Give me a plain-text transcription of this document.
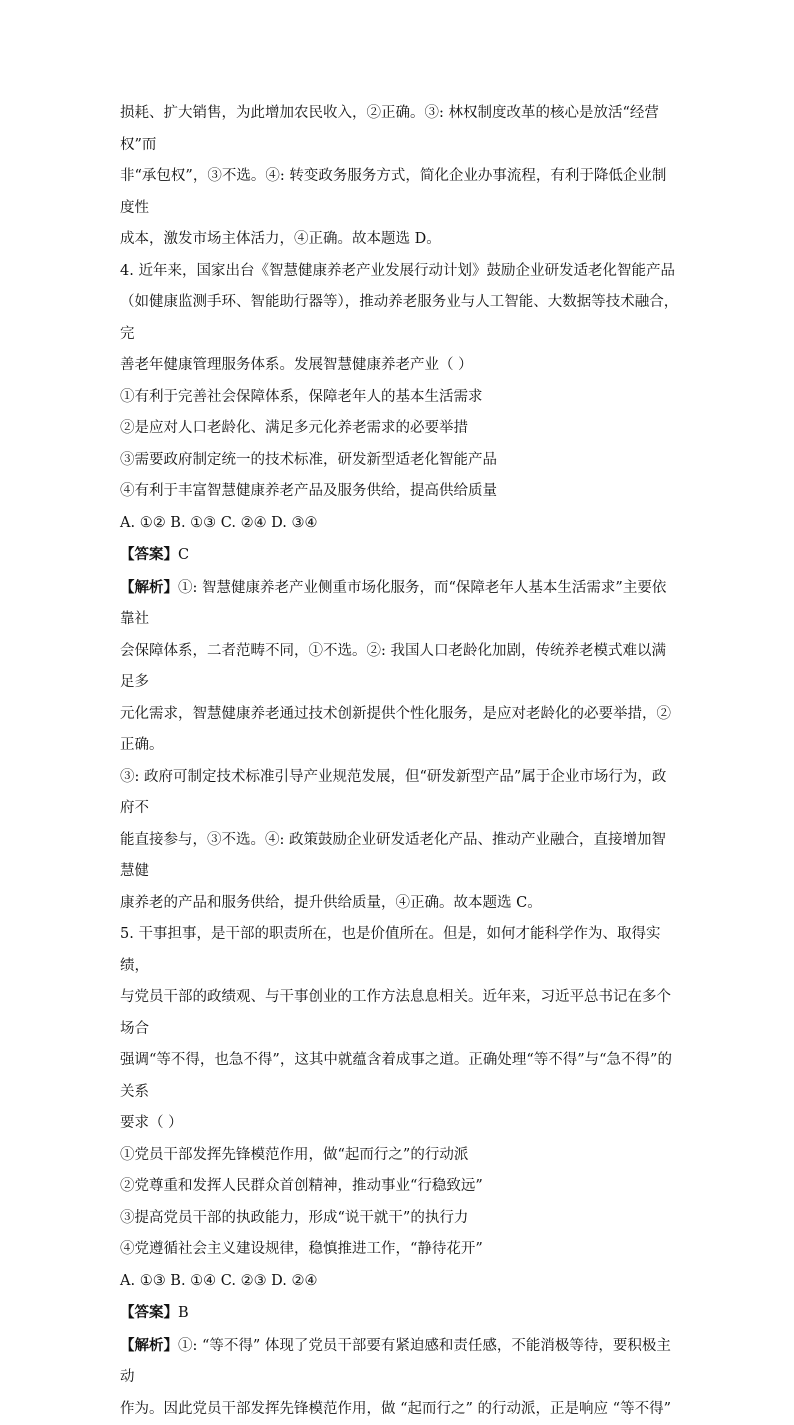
损耗、扩大销售，为此增加农民收入，②正确。③: 林权制度改革的核心是放活“经营权”而

非“承包权”，③不选。④: 转变政务服务方式，简化企业办事流程，有利于降低企业制度性

成本，激发市场主体活力，④正确。故本题选 D。

4. 近年来，国家出台《智慧健康养老产业发展行动计划》鼓励企业研发适老化智能产品

（如健康监测手环、智能助行器等），推动养老服务业与人工智能、大数据等技术融合，完

善老年健康管理服务体系。发展智慧健康养老产业（ ）

①有利于完善社会保障体系，保障老年人的基本生活需求

②是应对人口老龄化、满足多元化养老需求的必要举措

③需要政府制定统一的技术标准，研发新型适老化智能产品

④有利于丰富智慧健康养老产品及服务供给，提高供给质量

A. ①② B. ①③ C. ②④ D. ③④

【答案】C

【解析】①: 智慧健康养老产业侧重市场化服务，而“保障老年人基本生活需求”主要依靠社

会保障体系，二者范畴不同，①不选。②: 我国人口老龄化加剧，传统养老模式难以满足多

元化需求，智慧健康养老通过技术创新提供个性化服务，是应对老龄化的必要举措，②正确。

③: 政府可制定技术标准引导产业规范发展，但“研发新型产品”属于企业市场行为，政府不

能直接参与，③不选。④: 政策鼓励企业研发适老化产品、推动产业融合，直接增加智慧健

康养老的产品和服务供给，提升供给质量，④正确。故本题选 C。

5. 干事担事，是干部的职责所在，也是价值所在。但是，如何才能科学作为、取得实绩，

与党员干部的政绩观、与干事创业的工作方法息息相关。近年来，习近平总书记在多个场合

强调“等不得，也急不得”，这其中就蕴含着成事之道。正确处理“等不得”与“急不得”的关系

要求（ ）

①党员干部发挥先锋模范作用，做“起而行之”的行动派

②党尊重和发挥人民群众首创精神，推动事业“行稳致远”

③提高党员干部的执政能力，形成“说干就干”的执行力

④党遵循社会主义建设规律，稳慎推进工作，“静待花开”

A. ①③ B. ①④ C. ②③ D. ②④

【答案】B

【解析】①: “等不得” 体现了党员干部要有紧迫感和责任感，不能消极等待，要积极主动

作为。因此党员干部发挥先锋模范作用，做 “起而行之” 的行动派，正是响应 “等不得”
